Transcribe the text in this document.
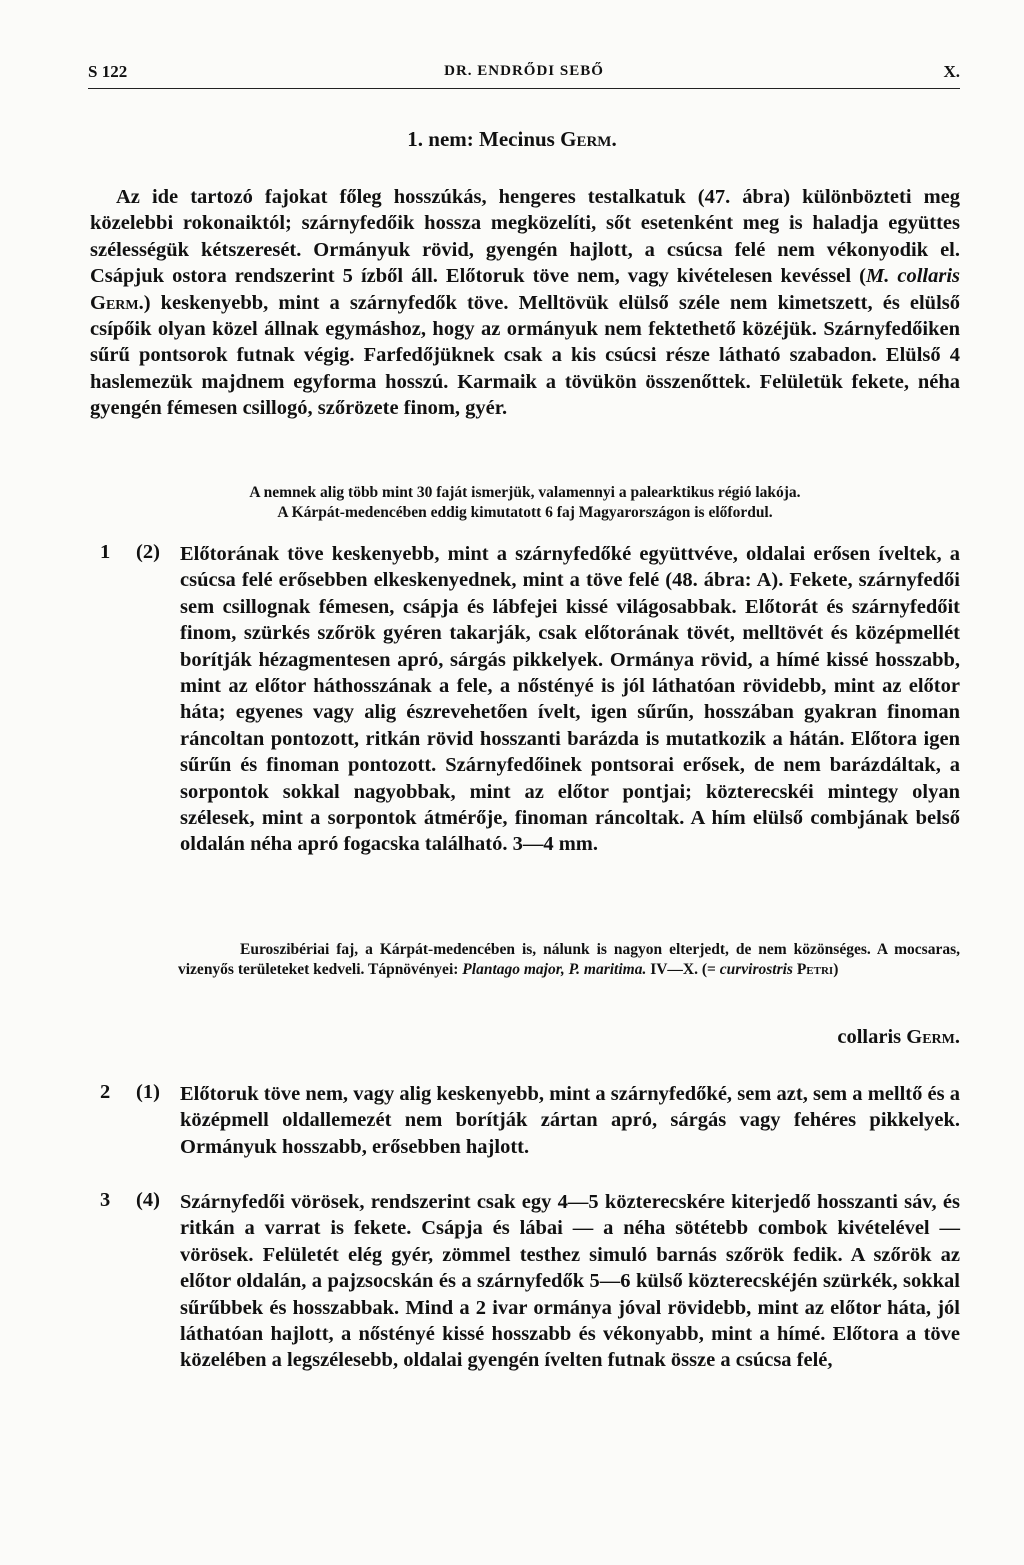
S 122	DR. ENDRŐDI SEBŐ	X.
1. nem: Mecinus Germ.

Az ide tartozó fajokat főleg hosszúkás, hengeres testalkatuk (47. ábra) különbözteti meg közelebbi rokonaiktól; szárnyfedőik hossza megközelíti, sőt esetenként meg is haladja együttes szélességük kétszeresét. Ormányuk rövid, gyengén hajlott, a csúcsa felé nem vékonyodik el. Csápjuk ostora rendszerint 5 ízből áll. Előtoruk töve nem, vagy kivételesen kevéssel (M. collaris Germ.) keskenyebb, mint a szárnyfedők töve. Melltövük elülső széle nem kimetszett, és elülső csípőik olyan közel állnak egymáshoz, hogy az ormányuk nem fektethető közéjük. Szárnyfedőiken sűrű pontsorok futnak végig. Farfedőjüknek csak a kis csúcsi része látható szabadon. Elülső 4 haslemezük majdnem egyforma hosszú. Karmaik a tövükön összenőttek. Felületük fekete, néha gyengén fémesen csillogó, szőrözete finom, gyér.

A nemnek alig több mint 30 faját ismerjük, valamennyi a palearktikus régió lakója.
A Kárpát-medencében eddig kimutatott 6 faj Magyarországon is előfordul.
1 (2) Előtorának töve keskenyebb, mint a szárnyfedőké együttvéve, oldalai erősen íveltek, a csúcsa felé erősebben elkeskenyednek, mint a töve felé (48. ábra: A). Fekete, szárnyfedői sem csillognak fémesen, csápja és lábfejei kissé világosabbak. Előtorát és szárnyfedőit finom, szürkés szőrök gyéren takarják, csak előtorának tövét, melltövét és középmellét borítják hézagmentesen apró, sárgás pikkelyek. Ormánya rövid, a hímé kissé hosszabb, mint az előtor háthosszának a fele, a nőstényé is jól láthatóan rövidebb, mint az előtor háta; egyenes vagy alig észrevehetően ívelt, igen sűrűn, hosszában gyakran finoman ráncoltan pontozott, ritkán rövid hosszanti barázda is mutatkozik a hátán. Előtora igen sűrűn és finoman pontozott. Szárnyfedőinek pontsorai erősek, de nem barázdáltak, a sorpontok sokkal nagyobbak, mint az előtor pontjai; közterecskéi mintegy olyan szélesek, mint a sorpontok átmérője, finoman ráncoltak. A hím elülső combjának belső oldalán néha apró fogacska található. 3—4 mm.

Euroszibériai faj, a Kárpát-medencében is, nálunk is nagyon elterjedt, de nem közönséges. A mocsaras, vizenyős területeket kedveli. Tápnövényei: Plantago major, P. maritima. IV—X. (= curvirostris Petri)

collaris Germ.
2 (1) Előtoruk töve nem, vagy alig keskenyebb, mint a szárnyfedőké, sem azt, sem a melltő és a középmell oldallemezét nem borítják zártan apró, sárgás vagy fehéres pikkelyek. Ormányuk hosszabb, erősebben hajlott.
3 (4) Szárnyfedői vörösek, rendszerint csak egy 4—5 közterecskére kiterjedő hosszanti sáv, és ritkán a varrat is fekete. Csápja és lábai — a néha sötétebb combok kivételével — vörösek. Felületét elég gyér, zömmel testhez simuló barnás szőrök fedik. A szőrök az előtor oldalán, a pajzsocskán és a szárnyfedők 5—6 külső közterecskéjén szürkék, sokkal sűrűbbek és hosszabbak. Mind a 2 ivar ormánya jóval rövidebb, mint az előtor háta, jól láthatóan hajlott, a nőstényé kissé hosszabb és vékonyabb, mint a hímé. Előtora a töve közelében a legszélesebb, oldalai gyengén ívelten futnak össze a csúcsa felé,
